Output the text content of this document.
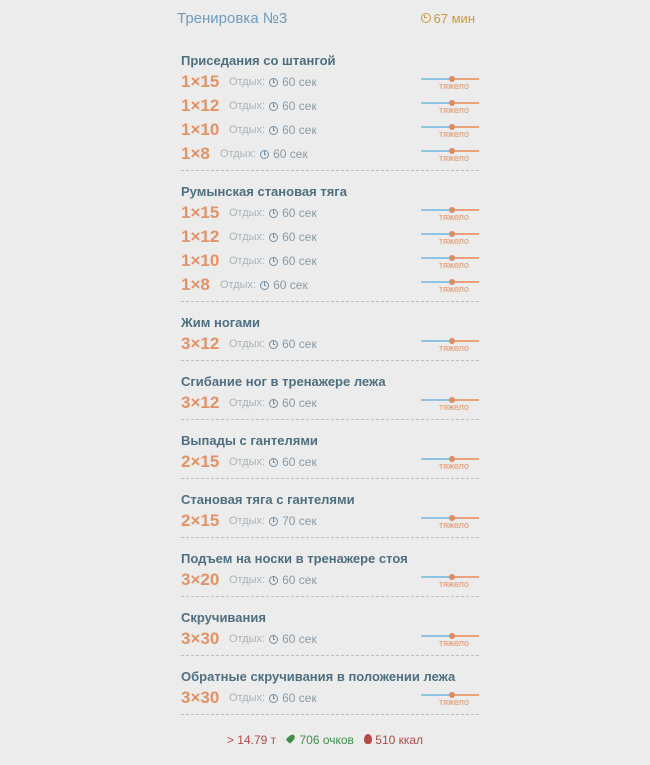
Тренировка №3	67 мин
Приседания со штангой
1×15 Отдых: 60 сек	тяжело
1×12 Отдых: 60 сек	тяжело
1×10 Отдых: 60 сек	тяжело
1×8 Отдых: 60 сек	тяжело
Румынская становая тяга
1×15 Отдых: 60 сек	тяжело
1×12 Отдых: 60 сек	тяжело
1×10 Отдых: 60 сек	тяжело
1×8 Отдых: 60 сек	тяжело
Жим ногами
3×12 Отдых: 60 сек	тяжело
Сгибание ног в тренажере лежа
3×12 Отдых: 60 сек	тяжело
Выпады с гантелями
2×15 Отдых: 60 сек	тяжело
Становая тяга с гантелями
2×15 Отдых: 70 сек	тяжело
Подъем на носки в тренажере стоя
3×20 Отдых: 60 сек	тяжело
Скручивания
3×30 Отдых: 60 сек	тяжело
Обратные скручивания в положении лежа
3×30 Отдых: 60 сек	тяжело
> 14.79 т	706 очков	510 ккал
